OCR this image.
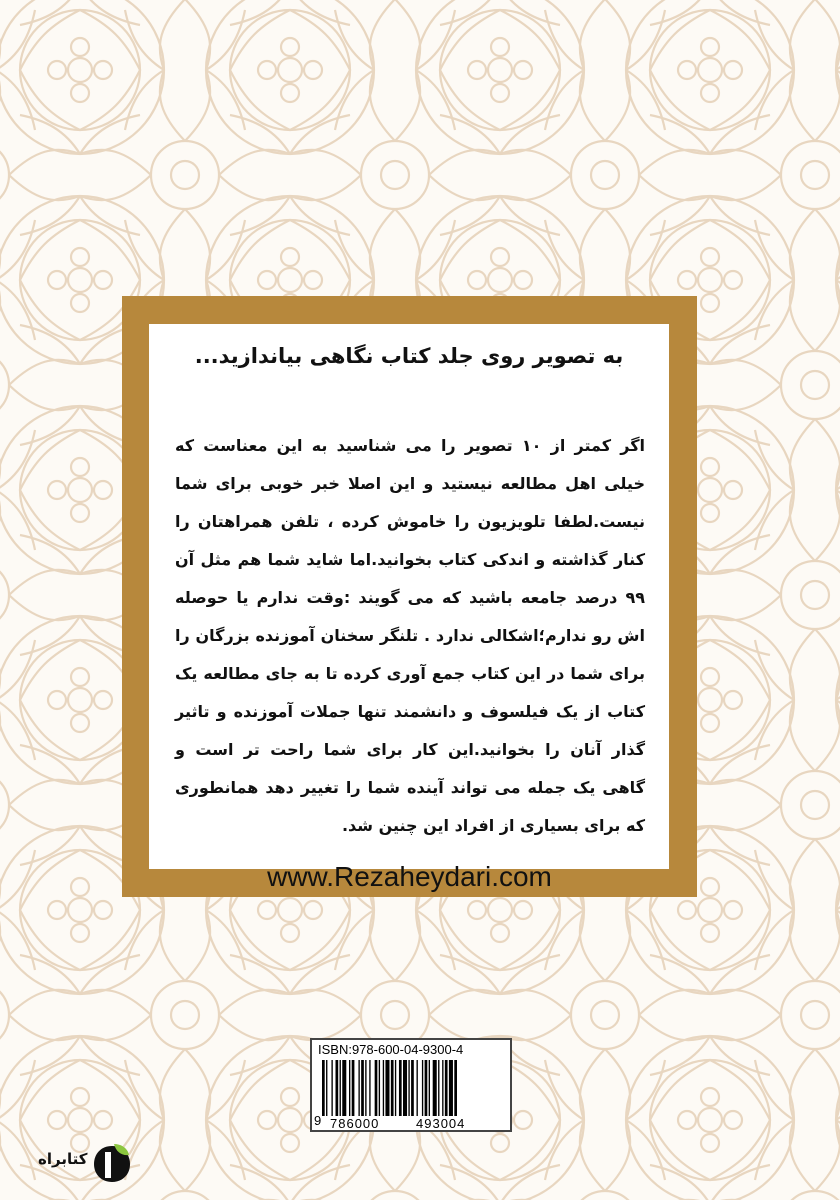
به تصویر روی جلد کتاب نگاهی بیاندازید...
اگر کمتر از ۱۰ تصویر را می شناسید به این معناست که خیلی اهل مطالعه نیستید و این اصلا خبر خوبی برای شما نیست.لطفا تلویزیون را خاموش کرده ، تلفن همراهتان را کنار گذاشته و اندکی کتاب بخوانید.اما شاید شما هم مثل آن ۹۹ درصد جامعه باشید که می گویند :وقت ندارم یا حوصله اش رو ندارم؛اشکالی ندارد . تلنگر سخنان آموزنده بزرگان را برای شما در این کتاب جمع آوری کرده تا به جای مطالعه یک کتاب از یک فیلسوف و دانشمند تنها جملات آموزنده و تاثیر گذار آنان را بخوانید.این کار برای شما راحت تر است و گاهی یک جمله می تواند آینده شما را تغییر دهد همانطوری که برای بسیاری از افراد این چنین شد.
www.Rezaheydari.com
ISBN:978-600-04-9300-4
9 786000	493004
کتابراه
